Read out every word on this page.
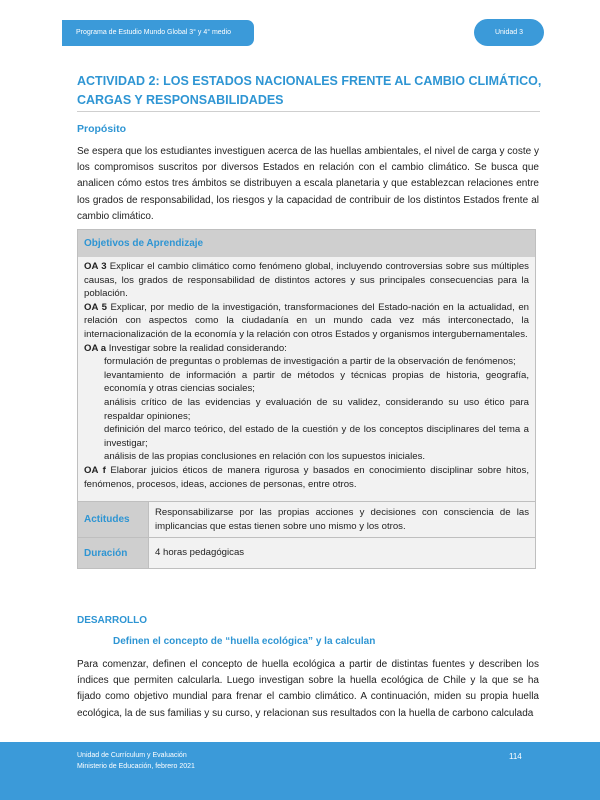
Programa de Estudio Mundo Global 3° y 4° medio	Unidad 3
ACTIVIDAD 2: LOS ESTADOS NACIONALES FRENTE AL CAMBIO CLIMÁTICO, CARGAS Y RESPONSABILIDADES
Propósito
Se espera que los estudiantes investiguen acerca de las huellas ambientales, el nivel de carga y coste y los compromisos suscritos por diversos Estados en relación con el cambio climático. Se busca que analicen cómo estos tres ámbitos se distribuyen a escala planetaria y que establezcan relaciones entre los grados de responsabilidad, los riesgos y la capacidad de contribuir de los distintos Estados frente al cambio climático.
Objetivos de Aprendizaje

OA 3 Explicar el cambio climático como fenómeno global, incluyendo controversias sobre sus múltiples causas, los grados de responsabilidad de distintos actores y sus principales consecuencias para la población.

OA 5 Explicar, por medio de la investigación, transformaciones del Estado-nación en la actualidad, en relación con aspectos como la ciudadanía en un mundo cada vez más interconectado, la internacionalización de la economía y la relación con otros Estados y organismos intergubernamentales.

OA a Investigar sobre la realidad considerando:

formulación de preguntas o problemas de investigación a partir de la observación de fenómenos;

levantamiento de información a partir de métodos y técnicas propias de historia, geografía, economía y otras ciencias sociales;

análisis crítico de las evidencias y evaluación de su validez, considerando su uso ético para respaldar opiniones;

definición del marco teórico, del estado de la cuestión y de los conceptos disciplinares del tema a investigar;

análisis de las propias conclusiones en relación con los supuestos iniciales.

OA f Elaborar juicios éticos de manera rigurosa y basados en conocimiento disciplinar sobre hitos, fenómenos, procesos, ideas, acciones de personas, entre otros.

Actitudes
Responsabilizarse por las propias acciones y decisiones con consciencia de las implicancias que estas tienen sobre uno mismo y los otros.
Duración	4 horas pedagógicas
DESARROLLO
Definen el concepto de “huella ecológica” y la calculan
Para comenzar, definen el concepto de huella ecológica a partir de distintas fuentes y describen los índices que permiten calcularla. Luego investigan sobre la huella ecológica de Chile y la que se ha fijado como objetivo mundial para frenar el cambio climático. A continuación, miden su propia huella ecológica, la de sus familias y su curso, y relacionan sus resultados con la huella de carbono calculada
Unidad de Currículum y Evaluación
Ministerio de Educación, febrero 2021
114
